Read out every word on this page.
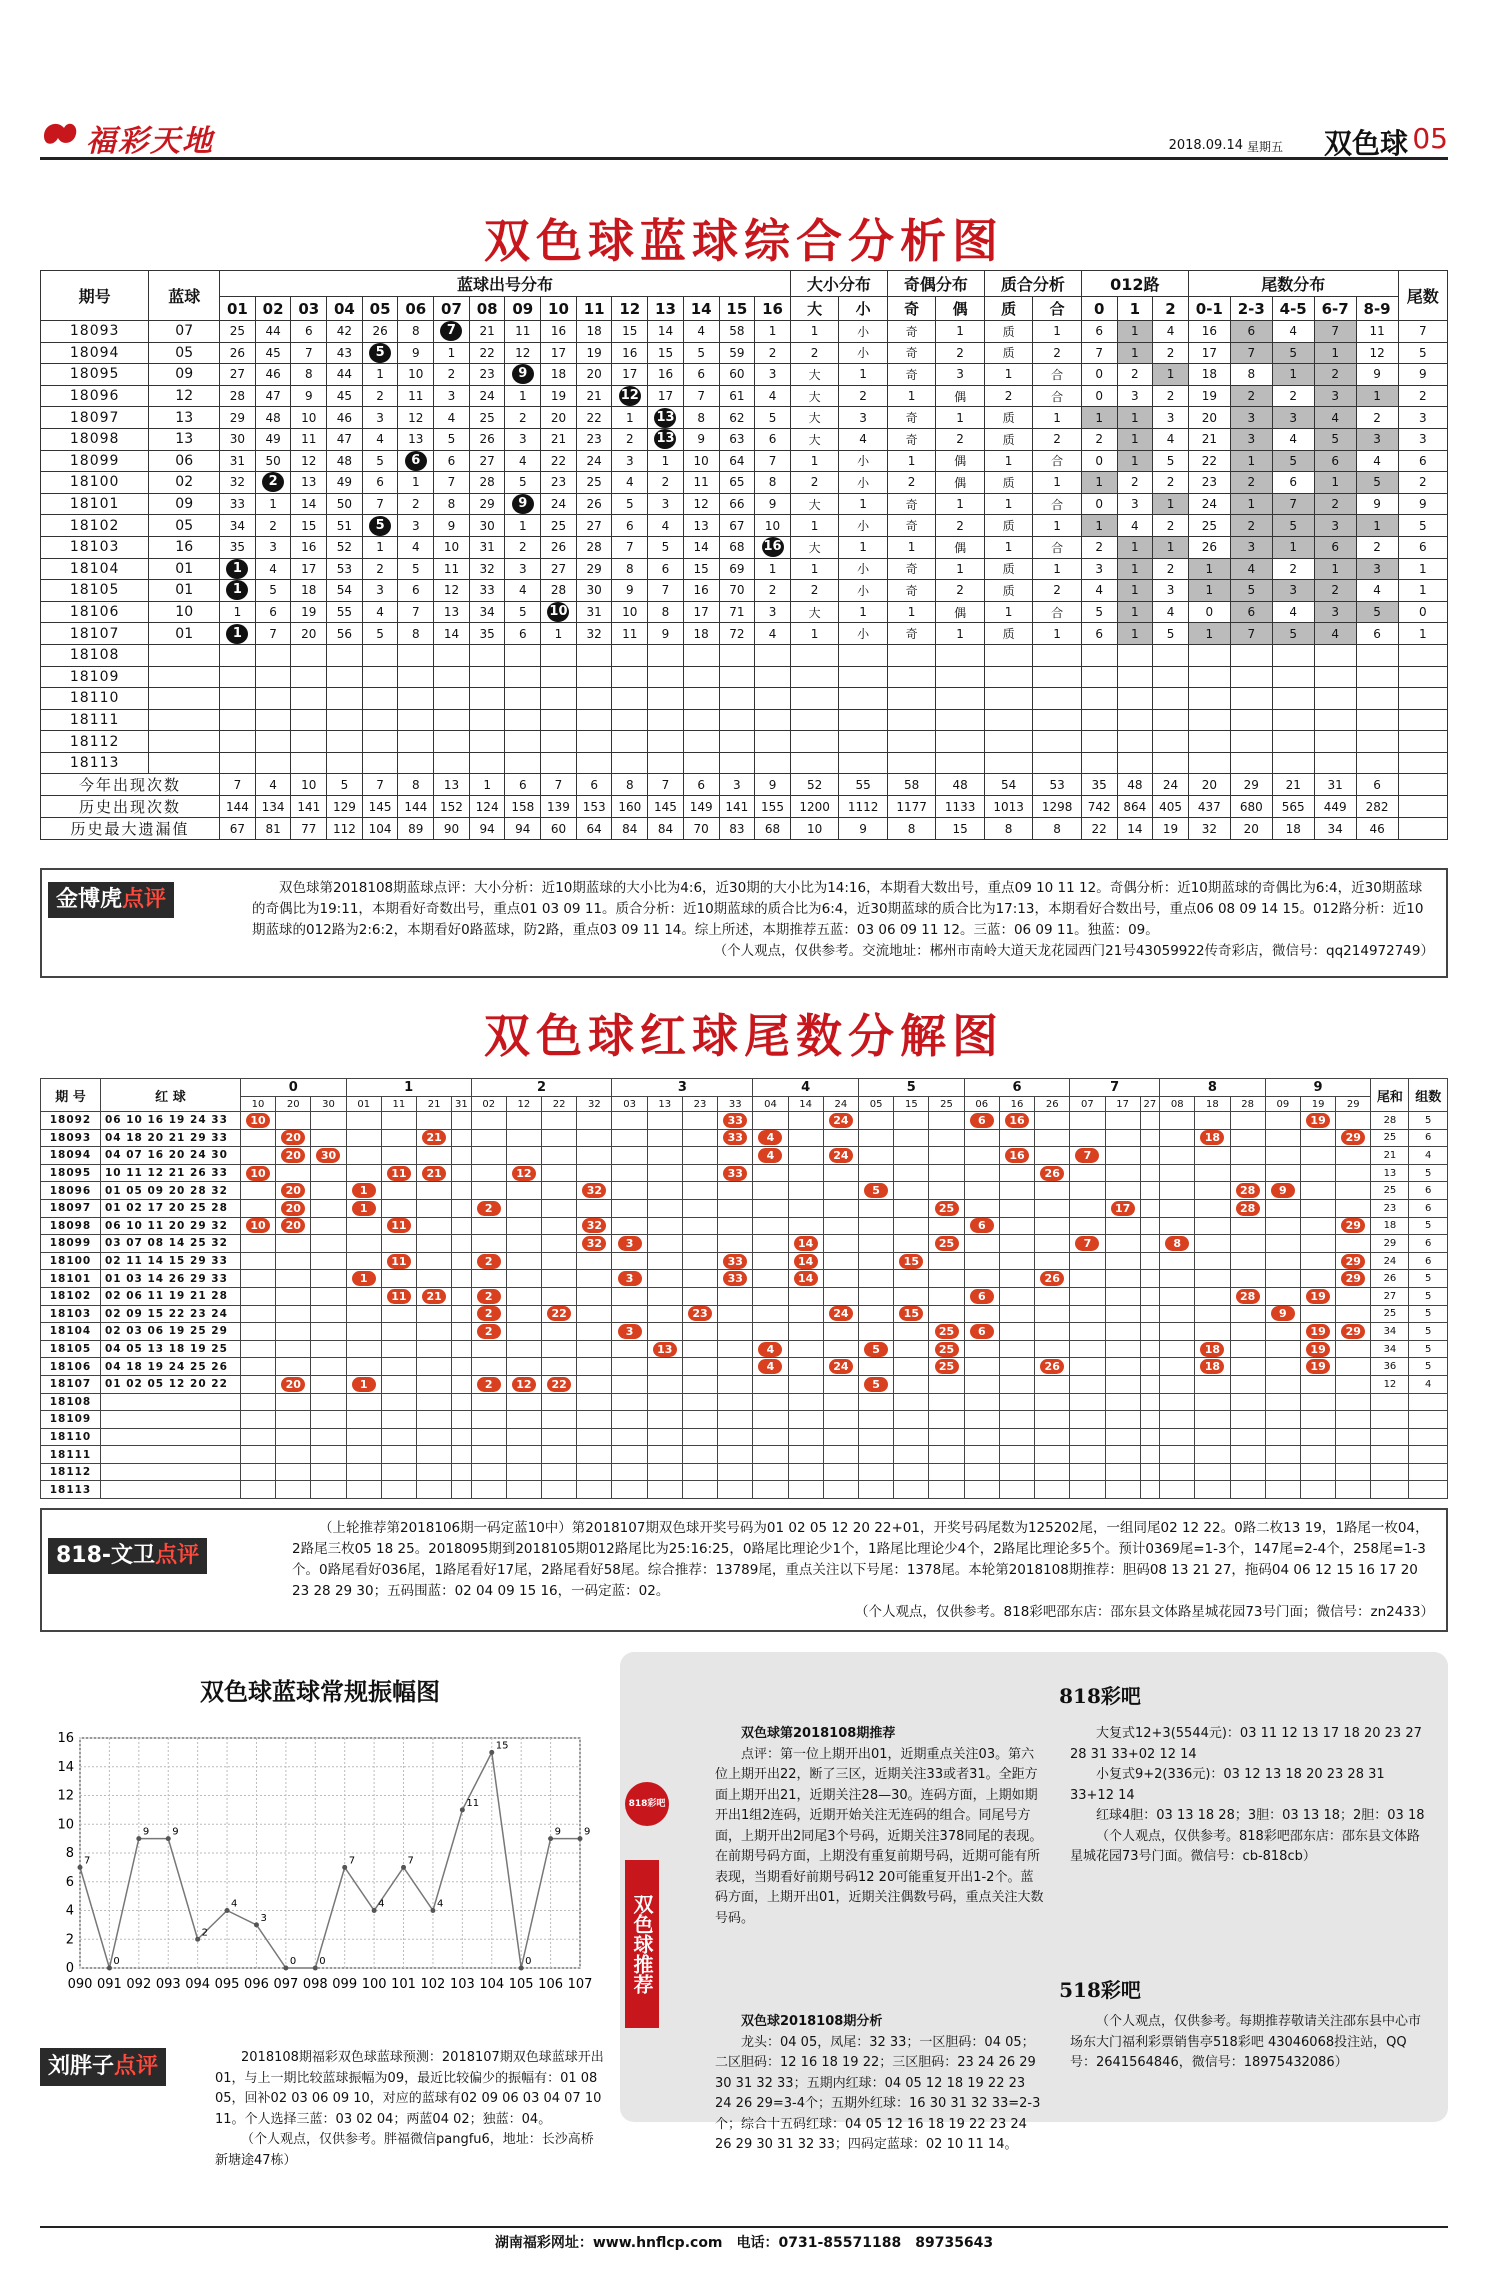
福彩天地	2018.09.14 星期五 双色球 05
双色球蓝球综合分析图
期号	蓝球	蓝球出号分布																大小分布		奇偶分布		质合分析		012路			尾数分布					尾数
		01	02	03	04	05	06	07	08	09	10	11	12	13	14	15	16	大	小	奇	偶	质	合	0	1	2	0-1	2-3	4-5	6-7	8-9	
18093	07	25	44	6	42	26	8	7	21	11	16	18	15	14	4	58	1	1	小	奇	1	质	1	6	1	4	16	6	4	7	11	7
18094	05	26	45	7	43	5	9	1	22	12	17	19	16	15	5	59	2	2	小	奇	2	质	2	7	1	2	17	7	5	1	12	5
18095	09	27	46	8	44	1	10	2	23	9	18	20	17	16	6	60	3	大	1	奇	3	1	合	0	2	1	18	8	1	2	9	9
18096	12	28	47	9	45	2	11	3	24	1	19	21	12	17	7	61	4	大	2	1	偶	2	合	0	3	2	19	2	2	3	1	2
18097	13	29	48	10	46	3	12	4	25	2	20	22	1	13	8	62	5	大	3	奇	1	质	1	1	1	3	20	3	3	4	2	3
18098	13	30	49	11	47	4	13	5	26	3	21	23	2	13	9	63	6	大	4	奇	2	质	2	2	1	4	21	3	4	5	3	3
18099	06	31	50	12	48	5	6	6	27	4	22	24	3	1	10	64	7	1	小	1	偶	1	合	0	1	5	22	1	5	6	4	6
18100	02	32	2	13	49	6	1	7	28	5	23	25	4	2	11	65	8	2	小	2	偶	质	1	1	2	2	23	2	6	1	5	2
18101	09	33	1	14	50	7	2	8	29	9	24	26	5	3	12	66	9	大	1	奇	1	1	合	0	3	1	24	1	7	2	9	9
18102	05	34	2	15	51	5	3	9	30	1	25	27	6	4	13	67	10	1	小	奇	2	质	1	1	4	2	25	2	5	3	1	5
18103	16	35	3	16	52	1	4	10	31	2	26	28	7	5	14	68	16	大	1	1	偶	1	合	2	1	1	26	3	1	6	2	6
18104	01	1	4	17	53	2	5	11	32	3	27	29	8	6	15	69	1	1	小	奇	1	质	1	3	1	2	1	4	2	1	3	1
18105	01	1	5	18	54	3	6	12	33	4	28	30	9	7	16	70	2	2	小	奇	2	质	2	4	1	3	1	5	3	2	4	1
18106	10	1	6	19	55	4	7	13	34	5	10	31	10	8	17	71	3	大	1	1	偶	1	合	5	1	4	0	6	4	3	5	0
18107	01	1	7	20	56	5	8	14	35	6	1	32	11	9	18	72	4	1	小	奇	1	质	1	6	1	5	1	7	5	4	6	1
18108																																
18109																																
18110																																
18111																																
18112																																
18113																																
今年出现次数		7	4	10	5	7	8	13	1	6	7	6	8	7	6	3	9	52	55	58	48	54	53	35	48	24	20	29	21	31	6	
历史出现次数		144	134	141	129	145	144	152	124	158	139	153	160	145	149	141	155	1200	1112	1177	1133	1013	1298	742	864	405	437	680	565	449	282	
历史最大遗漏值		67	81	77	112	104	89	90	94	94	60	64	84	84	70	83	68	10	9	8	15	8	8	22	14	19	32	20	18	34	46	
金博虎点评	双色球第2018108期蓝球点评：大小分析：近10期蓝球的大小比为4:6，近30期的大小比为14:16，本期看大数出号，重点09 10 11 12。奇偶分析：近10期蓝球的奇偶比为6:4，近30期蓝球的奇偶比为19:11，本期看好奇数出号，重点01 03 09 11。质合分析：近10期蓝球的质合比为6:4，近30期蓝球的质合比为17:13，本期看好合数出号，重点06 08 09 14 15。012路分析：近10期蓝球的012路为2:6:2，本期看好0路蓝球，防2路，重点03 09 11 14。综上所述，本期推荐五蓝：03 06 09 11 12。三蓝：06 09 11。独蓝：09。
（个人观点，仅供参考。交流地址：郴州市南岭大道天龙花园西门21号43059922传奇彩店，微信号：qq214972749）
双色球红球尾数分解图
期 号	红 球	0			1				2				3				4			5			6			7			8			9			尾和	组数
		10	20	30	01	11	21	31	02	12	22	32	03	13	23	33	04	14	24	05	15	25	06	16	26	07	17	27	08	18	28	09	19	29		
18092	06 10 16 19 24 33	10														33			24				6	16									19		28	5
18093	04 18 20 21 29 33		20				21									33	4													18				29	25	6
18094	04 07 16 20 24 30		20	30													4		24					16		7									21	4
18095	10 11 12 21 26 33	10				11	21			12						33									26										13	5
18096	01 05 09 20 28 32		20		1							32								5											28	9			25	6
18097	01 02 17 20 25 28		20		1				2													25					17				28				23	6
18098	06 10 11 20 29 32	10	20			11						32											6											29	18	5
18099	03 07 08 14 25 32											32	3					14				25				7			8						29	6
18100	02 11 14 15 29 33					11			2							33		14			15													29	24	6
18101	01 03 14 26 29 33				1								3			33		14							26									29	26	5
18102	02 06 11 19 21 28					11	21		2														6								28		19		27	5
18103	02 09 15 22 23 24								2		22				23				24		15											9			25	5
18104	02 03 06 19 25 29								2				3									25	6										19	29	34	5
18105	04 05 13 18 19 25													13			4			5		25								18			19		34	5
18106	04 18 19 24 25 26																4		24			25			26					18			19		36	5
18107	01 02 05 12 20 22		20		1				2	12	22									5															12	4
18108																																				
18109																																				
18110																																				
18111																																				
18112																																				
18113																																				
818-文卫点评
（上轮推荐第2018106期一码定蓝10中）第2018107期双色球开奖号码为01 02 05 12 20 22+01，开奖号码尾数为125202尾，一组同尾02 12 22。0路二枚13 19，1路尾一枚04，2路尾三枚05 18 25。2018095期到2018105期012路尾比为25:16:25，0路尾比理论少1个，1路尾比理论少4个，2路尾比理论多5个。预计0369尾=1-3个，147尾=2-4个，258尾=1-3个。0路尾看好036尾，1路尾看好17尾，2路尾看好58尾。综合推荐：13789尾，重点关注以下号尾：1378尾。本轮第2018108期推荐：胆码08 13 21 27，拖码04 06 12 15 16 17 20 23 28 29 30；五码围蓝：02 04 09 15 16，一码定蓝：02。
（个人观点，仅供参考。818彩吧邵东店：邵东县文体路星城花园73号门面；微信号：zn2433）
双色球蓝球常规振幅图
0
2
4
6
8
10
12
14
16
090 091 092 093 094 095 096 097 098 099 100 101 102 103 104 105 106 107
7
0
9 9
2
4
3
0 0
7
4
7
4
11
15
0
9 9
刘胖子点评	2018108期福彩双色球蓝球预测：2018107期双色球蓝球开出01，与上一期比较蓝球振幅为09，最近比较偏少的振幅有：01 08 05，回补02 03 06 09 10，对应的蓝球有02 09 06 03 04 07 10 11。个人选择三蓝：03 02 04；两蓝04 02；独蓝：04。
（个人观点，仅供参考。胖福微信pangfu6，地址：长沙高桥新塘途47栋）
818彩吧
双色球第2018108期推荐

点评：第一位上期开出01，近期重点关注03。第六位上期开出22，断了三区，近期关注33或者31。全距方面上期开出21，近期关注28—30。连码方面，上期如期开出1组2连码，近期开始关注无连码的组合。同尾号方面，上期开出2同尾3个号码，近期关注378同尾的表现。在前期号码方面，上期没有重复前期号码，近期可能有所表现，当期看好前期号码12 20可能重复开出1-2个。蓝码方面，上期开出01，近期关注偶数号码，重点关注大数号码。

大复式12+3(5544元)：03 11 12 13 17 18 20 23 27 28 31 33+02 12 14

小复式9+2(336元)：03 12 13 18 20 23 28 31 33+12 14

红球4胆：03 13 18 28；3胆：03 13 18；2胆：03 18

（个人观点，仅供参考。818彩吧邵东店：邵东县文体路星城花园73号门面。微信号：cb-818cb）

518彩吧
双色球2018108期分析

龙头：04 05，凤尾：32 33；一区胆码：04 05；二区胆码：12 16 18 19 22；三区胆码：23 24 26 29 30 31 32 33；五期内红球：04 05 12 18 19 22 23 24 26 29=3-4个；五期外红球：16 30 31 32 33=2-3个；综合十五码红球：04 05 12 16 18 19 22 23 24 26 29 30 31 32 33；四码定蓝球：02 10 11 14。

（个人观点，仅供参考。每期推荐敬请关注邵东县中心市场东大门福利彩票销售亭518彩吧 43046068投注站，QQ号：2641564846，微信号：18975432086）

818彩吧
双色球推荐
湖南福彩网址：www.hnflcp.com　电话：0731-85571188　89735643
